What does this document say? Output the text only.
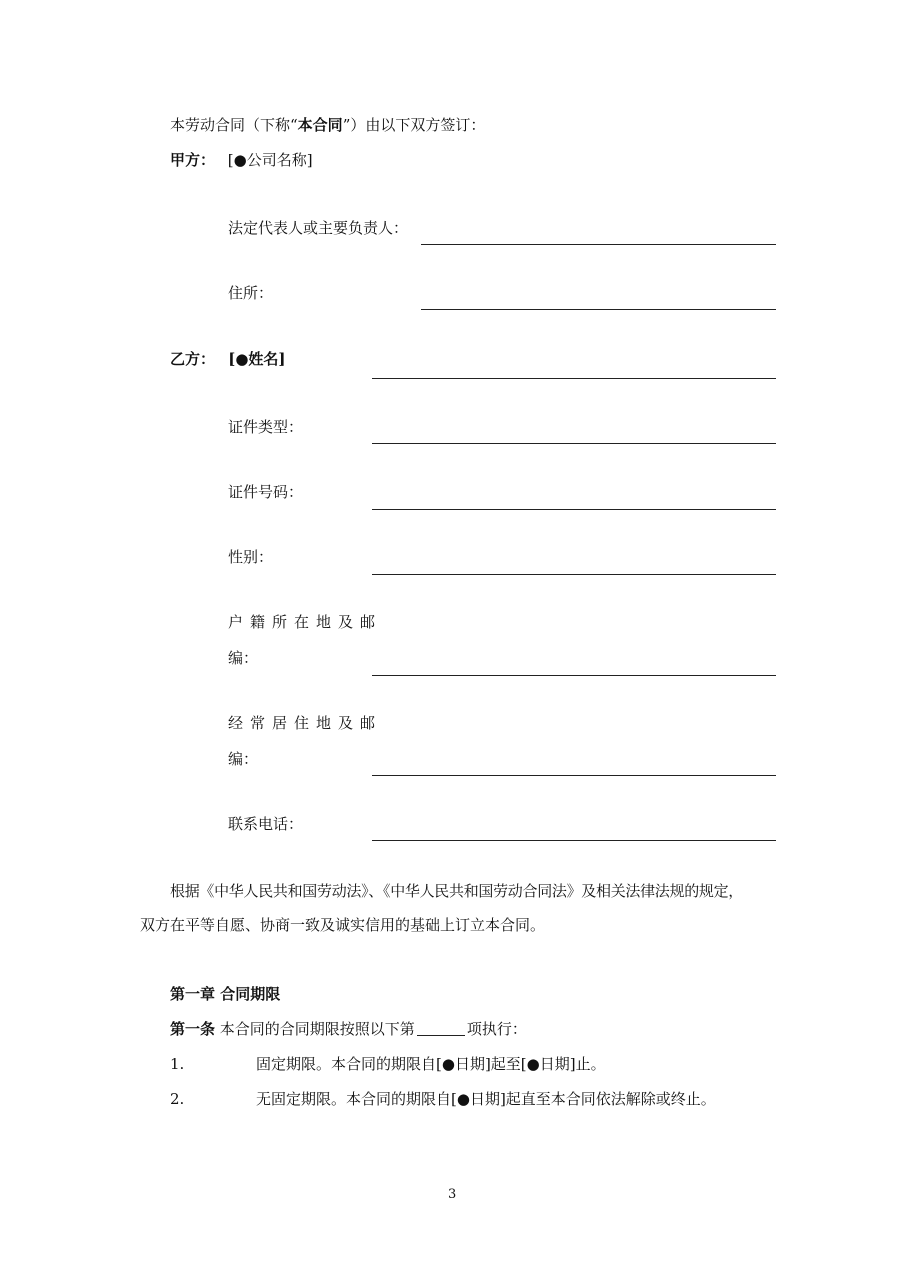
本劳动合同（下称“本合同”）由以下双方签订：
甲方： [●公司名称]
法定代表人或主要负责人：
住所：
乙方： [●姓名]
证件类型：
证件号码：
性别：
户籍所在地及邮
编：
经常居住地及邮
编：
联系电话：
根据《中华人民共和国劳动法》、《中华人民共和国劳动合同法》及相关法律法规的规定，
双方在平等自愿、协商一致及诚实信用的基础上订立本合同。
第一章 合同期限
第一条 本合同的合同期限按照以下第	项执行：
1.	固定期限。本合同的期限自[●日期]起至[●日期]止。
2.	无固定期限。本合同的期限自[●日期]起直至本合同依法解除或终止。
3
